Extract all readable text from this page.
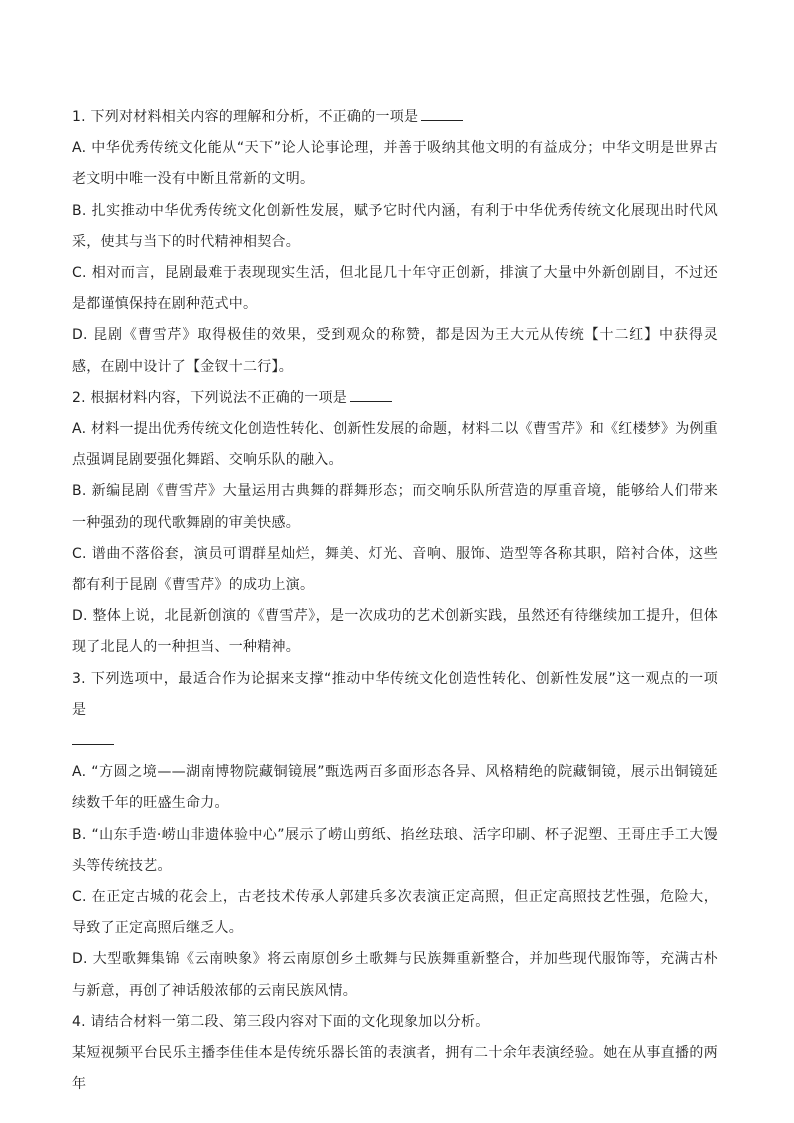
1. 下列对材料相关内容的理解和分析，不正确的一项是

A. 中华优秀传统文化能从“天下”论人论事论理，并善于吸纳其他文明的有益成分；中华文明是世界古老文明中唯一没有中断且常新的文明。

B. 扎实推动中华优秀传统文化创新性发展，赋予它时代内涵，有利于中华优秀传统文化展现出时代风采，使其与当下的时代精神相契合。

C. 相对而言，昆剧最难于表现现实生活，但北昆几十年守正创新，排演了大量中外新创剧目，不过还是都谨慎保持在剧种范式中。

D. 昆剧《曹雪芹》取得极佳的效果，受到观众的称赞，都是因为王大元从传统【十二红】中获得灵感，在剧中设计了【金钗十二行】。

2. 根据材料内容，下列说法不正确的一项是

A. 材料一提出优秀传统文化创造性转化、创新性发展的命题，材料二以《曹雪芹》和《红楼梦》为例重点强调昆剧要强化舞蹈、交响乐队的融入。

B. 新编昆剧《曹雪芹》大量运用古典舞的群舞形态；而交响乐队所营造的厚重音境，能够给人们带来一种强劲的现代歌舞剧的审美快感。

C. 谱曲不落俗套，演员可谓群星灿烂，舞美、灯光、音响、服饰、造型等各称其职，陪衬合体，这些都有利于昆剧《曹雪芹》的成功上演。

D. 整体上说，北昆新创演的《曹雪芹》，是一次成功的艺术创新实践，虽然还有待继续加工提升，但体现了北昆人的一种担当、一种精神。

3. 下列选项中，最适合作为论据来支撑“推动中华传统文化创造性转化、创新性发展”这一观点的一项是

A. “方圆之境——湖南博物院藏铜镜展”甄选两百多面形态各异、风格精绝的院藏铜镜，展示出铜镜延续数千年的旺盛生命力。

B. “山东手造·崂山非遗体验中心”展示了崂山剪纸、掐丝珐琅、活字印刷、杯子泥塑、王哥庄手工大馒头等传统技艺。

C. 在正定古城的花会上，古老技术传承人郭建兵多次表演正定高照，但正定高照技艺性强，危险大，导致了正定高照后继乏人。

D. 大型歌舞集锦《云南映象》将云南原创乡土歌舞与民族舞重新整合，并加些现代服饰等，充满古朴与新意，再创了神话般浓郁的云南民族风情。

4. 请结合材料一第二段、第三段内容对下面的文化现象加以分析。

某短视频平台民乐主播李佳佳本是传统乐器长笛的表演者，拥有二十余年表演经验。她在从事直播的两年
